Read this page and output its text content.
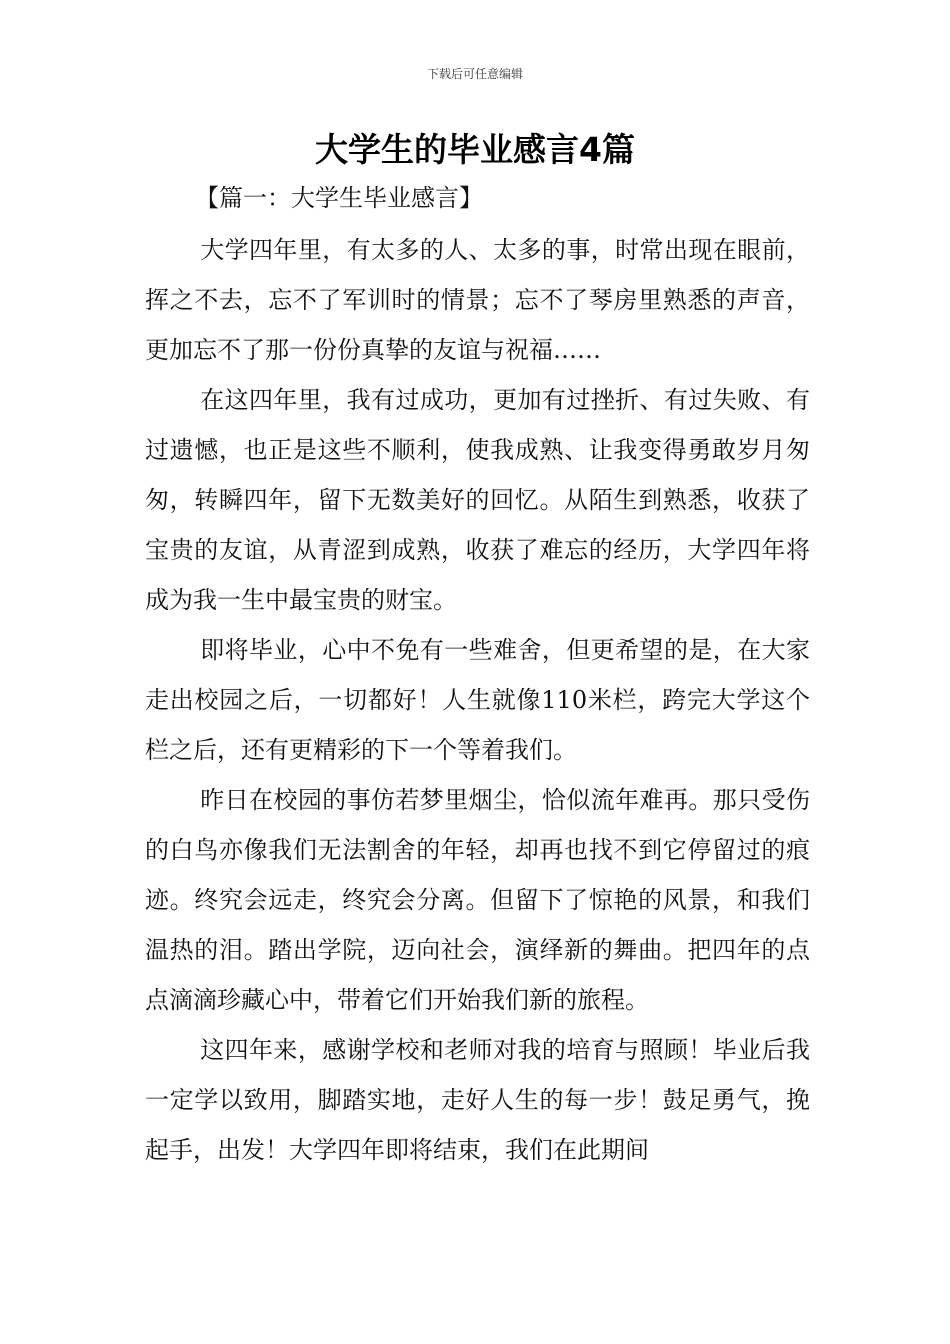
下载后可任意编辑
大学生的毕业感言4篇
【篇一：大学生毕业感言】

大学四年里，有太多的人、太多的事，时常出现在眼前，挥之不去，忘不了军训时的情景；忘不了琴房里熟悉的声音，更加忘不了那一份份真挚的友谊与祝福……

在这四年里，我有过成功，更加有过挫折、有过失败、有过遗憾，也正是这些不顺利，使我成熟、让我变得勇敢岁月匆匆，转瞬四年，留下无数美好的回忆。从陌生到熟悉，收获了宝贵的友谊，从青涩到成熟，收获了难忘的经历，大学四年将成为我一生中最宝贵的财宝。

即将毕业，心中不免有一些难舍，但更希望的是，在大家走出校园之后，一切都好！人生就像110米栏，跨完大学这个栏之后，还有更精彩的下一个等着我们。

昨日在校园的事仿若梦里烟尘，恰似流年难再。那只受伤的白鸟亦像我们无法割舍的年轻，却再也找不到它停留过的痕迹。终究会远走，终究会分离。但留下了惊艳的风景，和我们温热的泪。踏出学院，迈向社会，演绎新的舞曲。把四年的点点滴滴珍藏心中，带着它们开始我们新的旅程。

这四年来，感谢学校和老师对我的培育与照顾！毕业后我一定学以致用，脚踏实地，走好人生的每一步！鼓足勇气，挽起手，出发！大学四年即将结束，我们在此期间
